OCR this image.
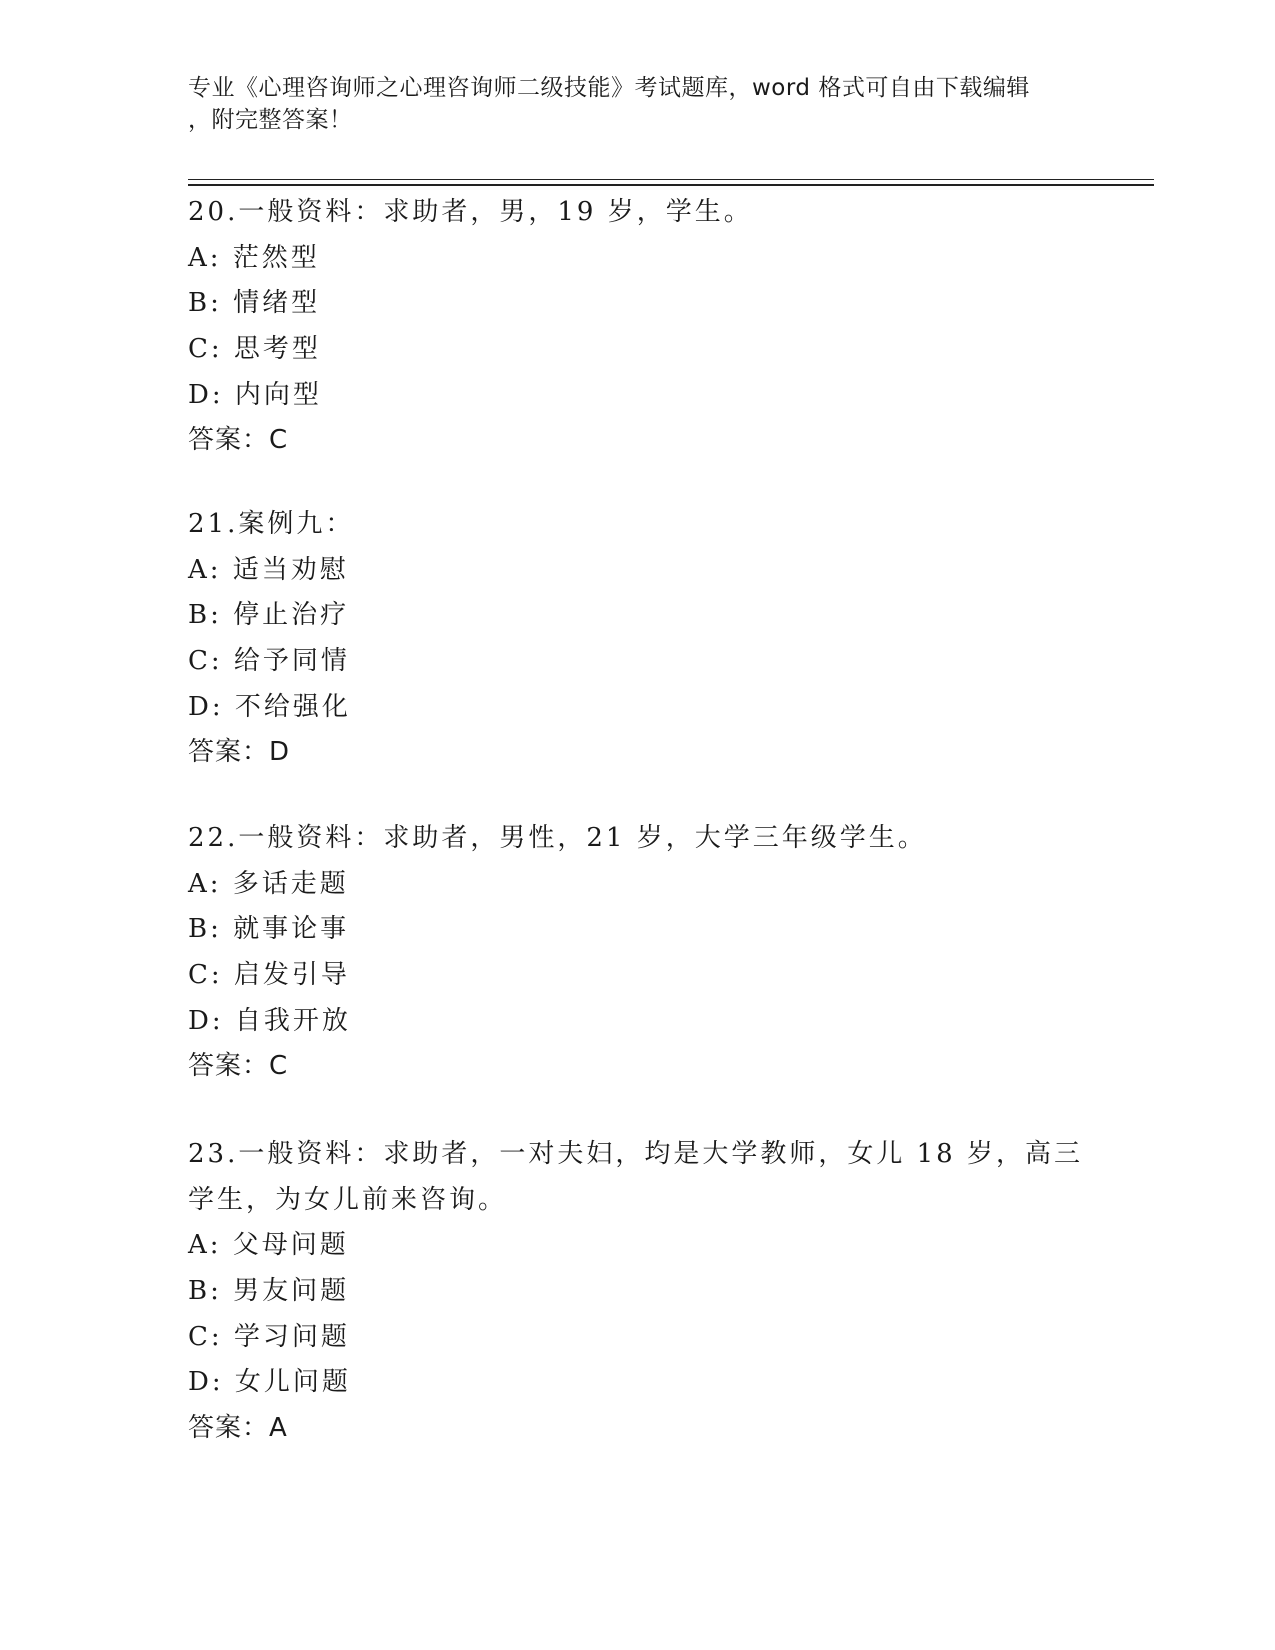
专业《心理咨询师之心理咨询师二级技能》考试题库，word 格式可自由下载编辑
，附完整答案！
20.一般资料：求助者，男，19 岁，学生。
A: 茫然型
B: 情绪型
C: 思考型
D: 内向型
答案：C
21.案例九：
A: 适当劝慰
B: 停止治疗
C: 给予同情
D: 不给强化
答案：D
22.一般资料：求助者，男性，21 岁，大学三年级学生。
A: 多话走题
B: 就事论事
C: 启发引导
D: 自我开放
答案：C
23.一般资料：求助者，一对夫妇，均是大学教师，女儿 18 岁，高三
学生，为女儿前来咨询。
A: 父母问题
B: 男友问题
C: 学习问题
D: 女儿问题
答案：A
